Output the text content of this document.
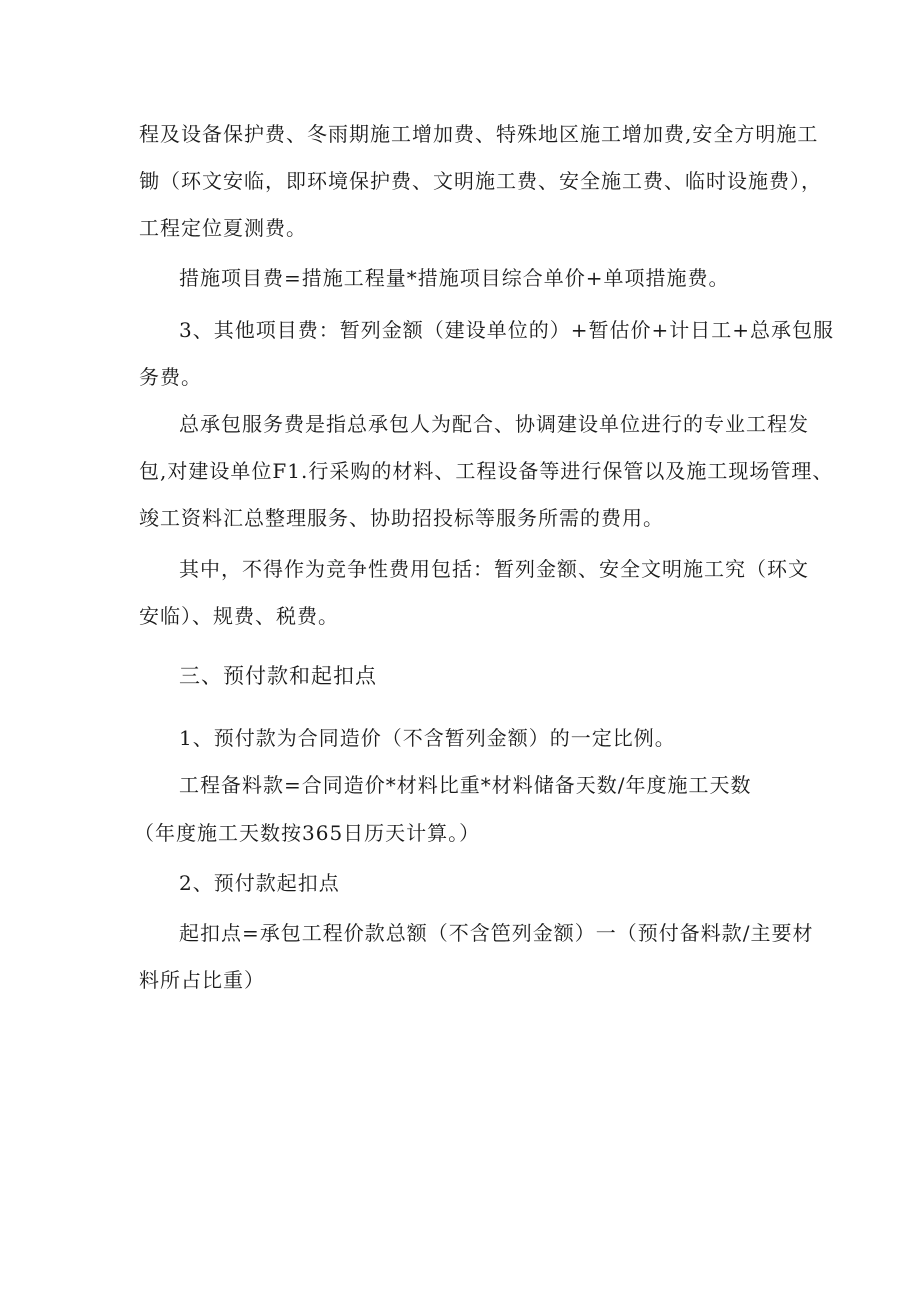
程及设备保护费、冬雨期施工增加费、特殊地区施工增加费,安全方明施工
锄（环文安临，即环境保护费、文明施工费、安全施工费、临时设施费），
工程定位夏测费。
措施项目费=措施工程量*措施项目综合单价+单项措施费。
3、其他项目费：暂列金额（建设单位的）+暂估价+计日工+总承包服
务费。
总承包服务费是指总承包人为配合、协调建设单位进行的专业工程发
包,对建设单位F1.行采购的材料、工程设备等进行保管以及施工现场管理、
竣工资料汇总整理服务、协助招投标等服务所需的费用。
其中，不得作为竞争性费用包括：暂列金额、安全文明施工究（环文
安临）、规费、税费。
三、预付款和起扣点
1、预付款为合同造价（不含暂列金额）的一定比例。
工程备料款=合同造价*材料比重*材料储备天数/年度施工天数
（年度施工天数按365日历天计算。）
2、预付款起扣点
起扣点=承包工程价款总额（不含笆列金额）一（预付备料款/主要材
料所占比重）
